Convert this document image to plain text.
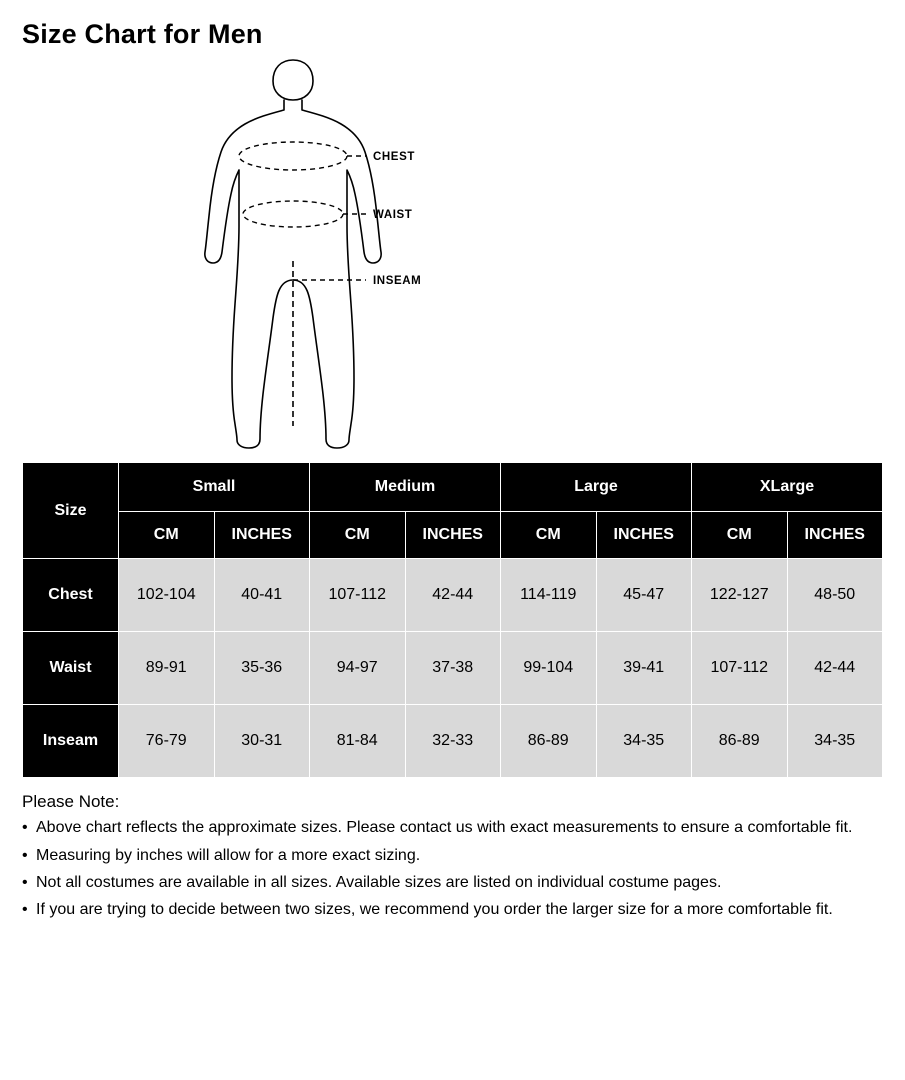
Size Chart for Men
CHEST
WAIST
INSEAM
Size	Small		Medium		Large		XLarge	
	CM	INCHES	CM	INCHES	CM	INCHES	CM	INCHES
Chest	102-104	40-41	107-112	42-44	114-119	45-47	122-127	48-50
Waist	89-91	35-36	94-97	37-38	99-104	39-41	107-112	42-44
Inseam	76-79	30-31	81-84	32-33	86-89	34-35	86-89	34-35
Please Note:
• Above chart reflects the approximate sizes. Please contact us with exact measurements to ensure a comfortable fit.
• Measuring by inches will allow for a more exact sizing.
• Not all costumes are available in all sizes. Available sizes are listed on individual costume pages.
• If you are trying to decide between two sizes, we recommend you order the larger size for a more comfortable fit.
